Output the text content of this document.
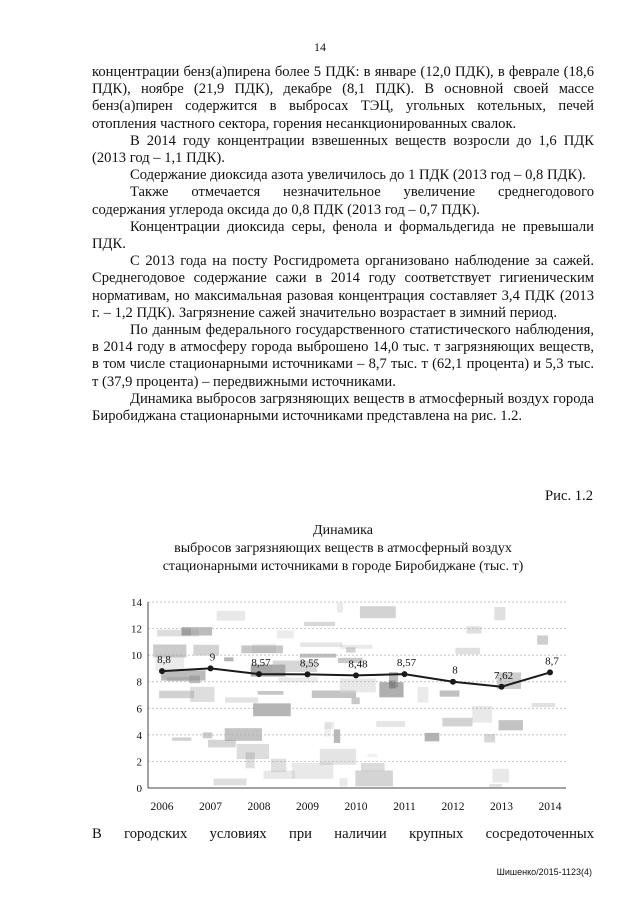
14

концентрации бенз(а)пирена более 5 ПДК: в январе (12,0 ПДК), в феврале (18,6 ПДК), ноябре (21,9 ПДК), декабре (8,1 ПДК). В основной своей массе бенз(а)пирен содержится в выбросах ТЭЦ, угольных котельных, печей отопления частного сектора, горения несанкционированных свалок.

В 2014 году концентрации взвешенных веществ возросли до 1,6 ПДК (2013 год – 1,1 ПДК).

Содержание диоксида азота увеличилось до 1 ПДК (2013 год – 0,8 ПДК).

Также отмечается незначительное увеличение среднегодового содержания углерода оксида до 0,8 ПДК (2013 год – 0,7 ПДК).

Концентрации диоксида серы, фенола и формальдегида не превышали ПДК.

С 2013 года на посту Росгидромета организовано наблюдение за сажей. Среднегодовое содержание сажи в 2014 году соответствует гигиеническим нормативам, но максимальная разовая концентрация составляет 3,4 ПДК (2013 г. – 1,2 ПДК). Загрязнение сажей значительно возрастает в зимний период.

По данным федерального государственного статистического наблюдения, в 2014 году в атмосферу города выброшено 14,0 тыс. т загрязняющих веществ, в том числе стационарными источниками – 8,7 тыс. т (62,1 процента) и 5,3 тыс. т (37,9 процента) – передвижными источниками.

Динамика выбросов загрязняющих веществ в атмосферный воздух города Биробиджана стационарными источниками представлена на рис. 1.2.

Рис. 1.2
Динамика
выбросов загрязняющих веществ в атмосферный воздух
стационарными источниками в городе Биробиджане (тыс. т)
0
2
4
6
8
10
12
14
2006 2007 2008 2009 2010 2011 2012 2013 2014
8,8	9	8,57	8,55	8,48	8,57
8	7,62
8,7
В городских условиях при наличии крупных сосредоточенных
Шишенко/2015-1123(4)
